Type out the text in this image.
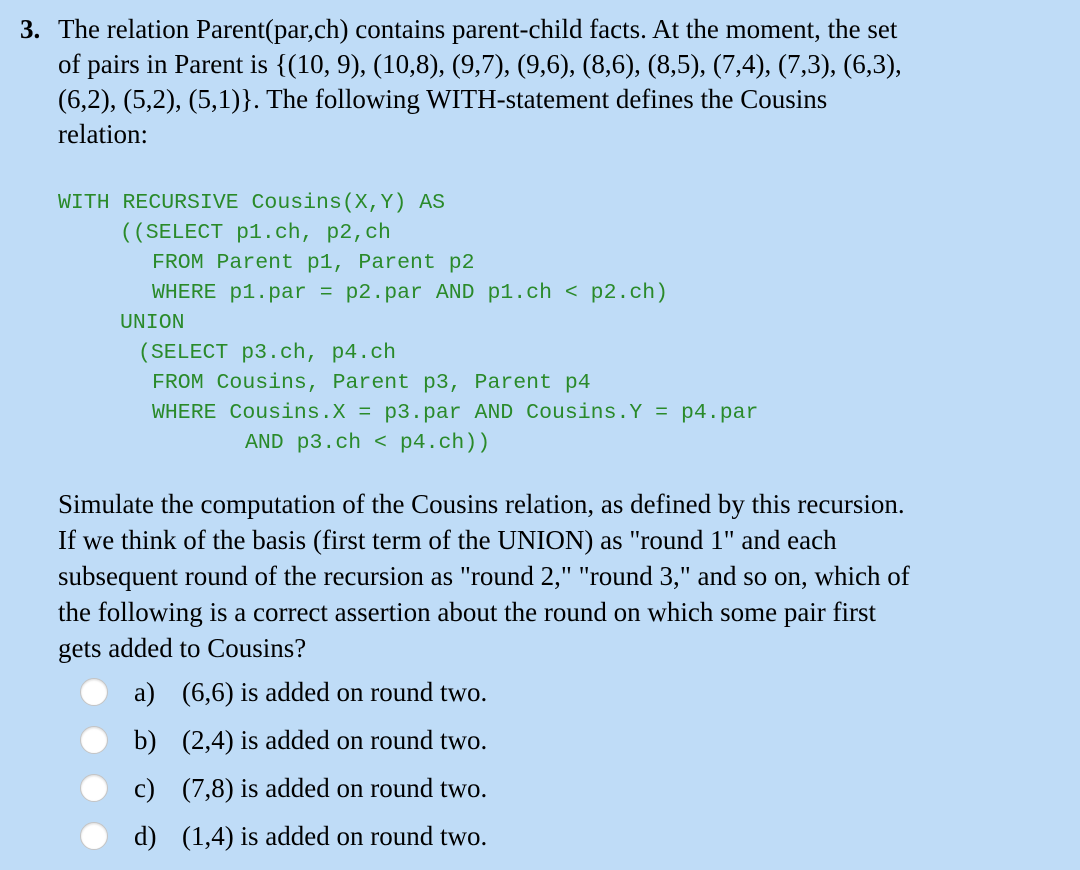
3. The relation Parent(par,ch) contains parent-child facts. At the moment, the set
of pairs in Parent is {(10, 9), (10,8), (9,7), (9,6), (8,6), (8,5), (7,4), (7,3), (6,3),
(6,2), (5,2), (5,1)}. The following WITH-statement defines the Cousins
relation:

WITH RECURSIVE Cousins(X,Y) AS

((SELECT p1.ch, p2,ch

FROM Parent p1, Parent p2

WHERE p1.par = p2.par AND p1.ch < p2.ch)

UNION

(SELECT p3.ch, p4.ch

FROM Cousins, Parent p3, Parent p4

WHERE Cousins.X = p3.par AND Cousins.Y = p4.par

AND p3.ch < p4.ch))

Simulate the computation of the Cousins relation, as defined by this recursion.
If we think of the basis (first term of the UNION) as "round 1" and each
subsequent round of the recursion as "round 2," "round 3," and so on, which of
the following is a correct assertion about the round on which some pair first
gets added to Cousins?
a) (6,6) is added on round two.
b) (2,4) is added on round two.
c) (7,8) is added on round two.
d) (1,4) is added on round two.
